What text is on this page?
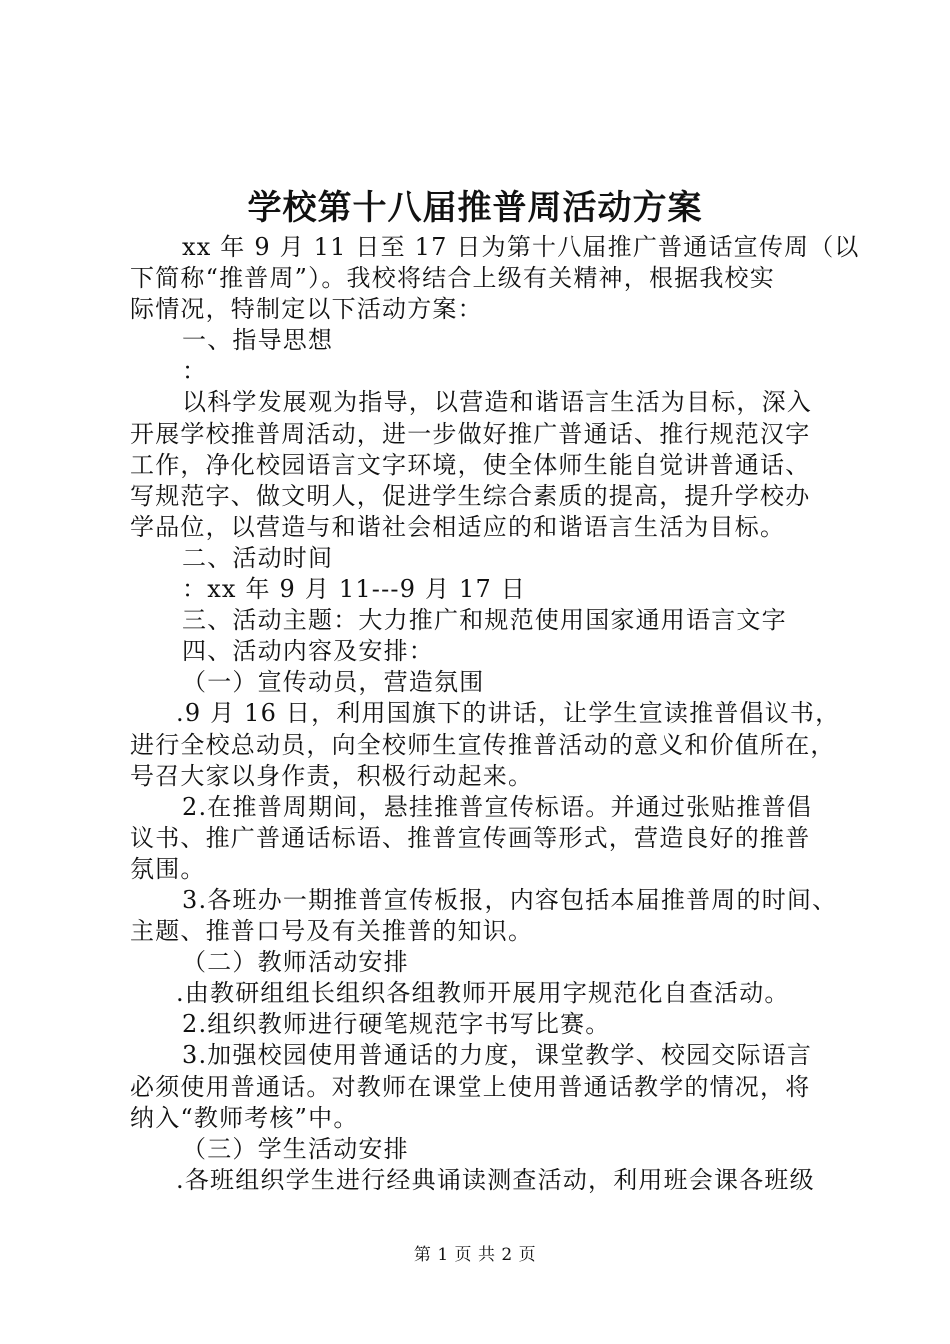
学校第十八届推普周活动方案

xx 年 9 月 11 日至 17 日为第十八届推广普通话宣传周（以

下简称“推普周”）。我校将结合上级有关精神，根据我校实

际情况，特制定以下活动方案：

一、指导思想

：

以科学发展观为指导，以营造和谐语言生活为目标，深入

开展学校推普周活动，进一步做好推广普通话、推行规范汉字

工作，净化校园语言文字环境，使全体师生能自觉讲普通话、

写规范字、做文明人，促进学生综合素质的提高，提升学校办

学品位，以营造与和谐社会相适应的和谐语言生活为目标。

二、活动时间

：xx 年 9 月 11---9 月 17 日

三、活动主题：大力推广和规范使用国家通用语言文字

四、活动内容及安排：

（一）宣传动员，营造氛围

.9 月 16 日，利用国旗下的讲话，让学生宣读推普倡议书，

进行全校总动员，向全校师生宣传推普活动的意义和价值所在，

号召大家以身作责，积极行动起来。

2.在推普周期间，悬挂推普宣传标语。并通过张贴推普倡

议书、推广普通话标语、推普宣传画等形式，营造良好的推普

氛围。

3.各班办一期推普宣传板报，内容包括本届推普周的时间、

主题、推普口号及有关推普的知识。

（二）教师活动安排

.由教研组组长组织各组教师开展用字规范化自查活动。

2.组织教师进行硬笔规范字书写比赛。

3.加强校园使用普通话的力度，课堂教学、校园交际语言

必须使用普通话。对教师在课堂上使用普通话教学的情况，将

纳入“教师考核”中。

（三）学生活动安排

.各班组织学生进行经典诵读测查活动，利用班会课各班级

第 1 页 共 2 页
